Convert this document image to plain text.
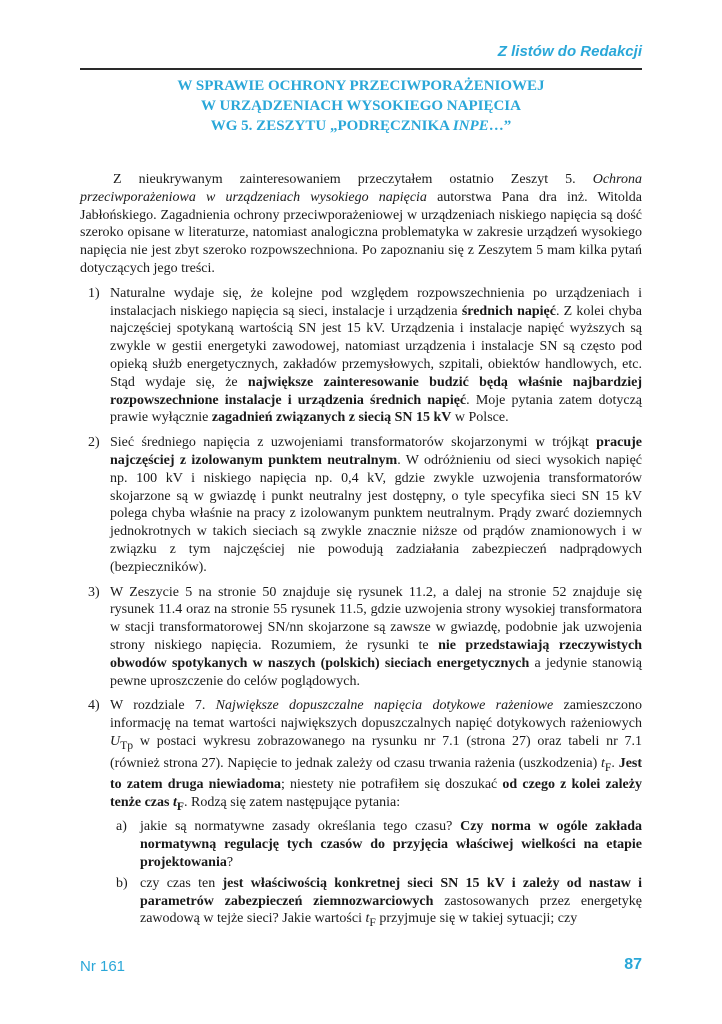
Z listów do Redakcji
W SPRAWIE OCHRONY PRZECIWPORAŻENIOWEJ
W URZĄDZENIACH WYSOKIEGO NAPIĘCIA
WG 5. ZESZYTU „PODRĘCZNIKA INPE…”

Z nieukrywanym zainteresowaniem przeczytałem ostatnio Zeszyt 5. Ochrona przeciwporażeniowa w urządzeniach wysokiego napięcia autorstwa Pana dra inż. Witolda Jabłońskiego. Zagadnienia ochrony przeciwporażeniowej w urządzeniach niskiego napięcia są dość szeroko opisane w literaturze, natomiast analogiczna problematyka w zakresie urządzeń wysokiego napięcia nie jest zbyt szeroko rozpowszechniona. Po zapoznaniu się z Zeszytem 5 mam kilka pytań dotyczących jego treści.

1) Naturalne wydaje się, że kolejne pod względem rozpowszechnienia po urządzeniach i instalacjach niskiego napięcia są sieci, instalacje i urządzenia średnich napięć. Z kolei chyba najczęściej spotykaną wartością SN jest 15 kV. Urządzenia i instalacje napięć wyższych są zwykle w gestii energetyki zawodowej, natomiast urządzenia i instalacje SN są często pod opieką służb energetycznych, zakładów przemysłowych, szpitali, obiektów handlowych, etc. Stąd wydaje się, że największe zainteresowanie budzić będą właśnie najbardziej rozpowszechnione instalacje i urządzenia średnich napięć. Moje pytania zatem dotyczą prawie wyłącznie zagadnień związanych z siecią SN 15 kV w Polsce.
2) Sieć średniego napięcia z uzwojeniami transformatorów skojarzonymi w trójkąt pracuje najczęściej z izolowanym punktem neutralnym. W odróżnieniu od sieci wysokich napięć np. 100 kV i niskiego napięcia np. 0,4 kV, gdzie zwykle uzwojenia transformatorów skojarzone są w gwiazdę i punkt neutralny jest dostępny, o tyle specyfika sieci SN 15 kV polega chyba właśnie na pracy z izolowanym punktem neutralnym. Prądy zwarć doziemnych jednokrotnych w takich sieciach są zwykle znacznie niższe od prądów znamionowych i w związku z tym najczęściej nie powodują zadziałania zabezpieczeń nadprądowych (bezpieczników).
3) W Zeszycie 5 na stronie 50 znajduje się rysunek 11.2, a dalej na stronie 52 znajduje się rysunek 11.4 oraz na stronie 55 rysunek 11.5, gdzie uzwojenia strony wysokiej transformatora w stacji transformatorowej SN/nn skojarzone są zawsze w gwiazdę, podobnie jak uzwojenia strony niskiego napięcia. Rozumiem, że rysunki te nie przedstawiają rzeczywistych obwodów spotykanych w naszych (polskich) sieciach energetycznych a jedynie stanowią pewne uproszczenie do celów poglądowych.
4) W rozdziale 7. Największe dopuszczalne napięcia dotykowe rażeniowe zamieszczono informację na temat wartości największych dopuszczalnych napięć dotykowych rażeniowych $U_{Tp}$ w postaci wykresu zobrazowanego na rysunku nr 7.1 (strona 27) oraz tabeli nr 7.1 (również strona 27). Napięcie to jednak zależy od czasu trwania rażenia (uszkodzenia) $t_F$. Jest to zatem druga niewiadoma; niestety nie potrafiłem się doszukać od czego z kolei zależy tenże czas $t_F$. Rodzą się zatem następujące pytania:
a) jakie są normatywne zasady określania tego czasu? Czy norma w ogóle zakłada normatywną regulację tych czasów do przyjęcia właściwej wielkości na etapie projektowania?
b) czy czas ten jest właściwością konkretnej sieci SN 15 kV i zależy od nastaw i parametrów zabezpieczeń ziemnozwarciowych zastosowanych przez energetykę zawodową w tejże sieci? Jakie wartości $t_F$ przyjmuje się w takiej sytuacji; czy
Nr 161	87
